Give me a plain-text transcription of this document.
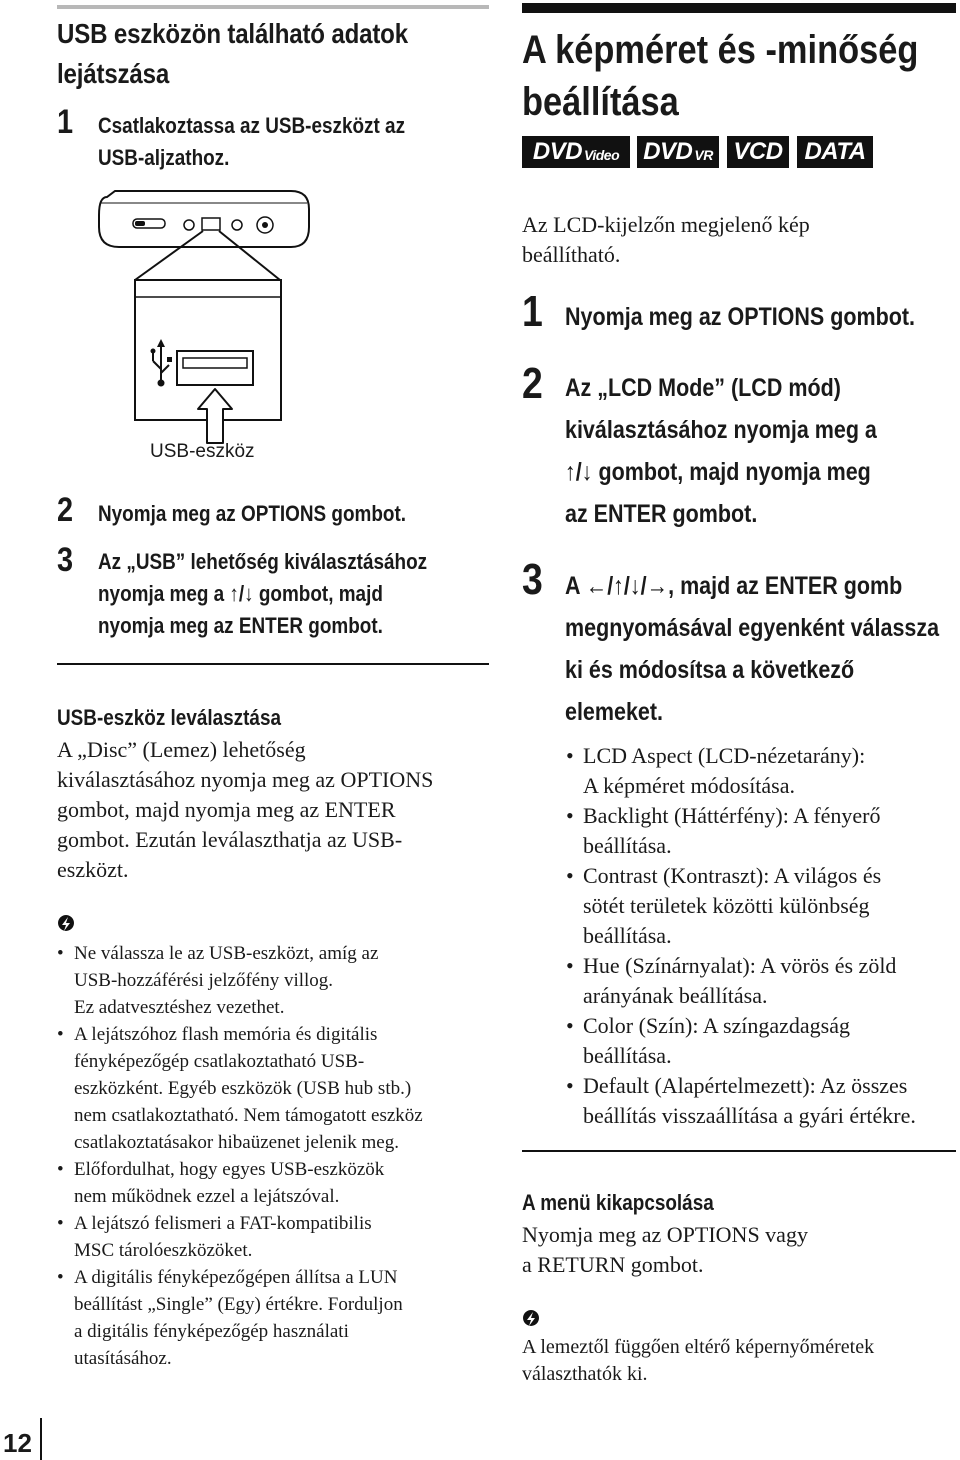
USB eszközön található adatok
lejátszása
1 Csatlakoztassa az USB-eszközt az
USB-aljzathoz.
USB-eszköz
2 Nyomja meg az OPTIONS gombot.
3 Az „USB” lehetőség kiválasztásához
nyomja meg a ↑/↓ gombot, majd
nyomja meg az ENTER gombot.
USB-eszköz leválasztása
A „Disc” (Lemez) lehetőség
kiválasztásához nyomja meg az OPTIONS
gombot, majd nyomja meg az ENTER
gombot. Ezután leválaszthatja az USB-
eszközt.
• Ne válassza le az USB-eszközt, amíg az
USB-hozzáférési jelzőfény villog.
Ez adatvesztéshez vezethet.
• A lejátszóhoz flash memória és digitális
fényképezőgép csatlakoztatható USB-
eszközként. Egyéb eszközök (USB hub stb.)
nem csatlakoztatható. Nem támogatott eszköz
csatlakoztatásakor hibaüzenet jelenik meg.
• Előfordulhat, hogy egyes USB-eszközök
nem működnek ezzel a lejátszóval.
• A lejátszó felismeri a FAT-kompatibilis
MSC tárolóeszközöket.
• A digitális fényképezőgépen állítsa a LUN
beállítást „Single” (Egy) értékre. Forduljon
a digitális fényképezőgép használati
utasításához.
A képméret és -minőség
beállítása
DVD Video DVD VR VCD DATA
Az LCD-kijelzőn megjelenő kép
beállítható.
1 Nyomja meg az OPTIONS gombot.
2 Az „LCD Mode” (LCD mód)
kiválasztásához nyomja meg a
↑/↓ gombot, majd nyomja meg
az ENTER gombot.
3 A ←/↑/↓/→, majd az ENTER gomb
megnyomásával egyenként válassza
ki és módosítsa a következő
elemeket.
• LCD Aspect (LCD-nézetarány):
A képméret módosítása.
• Backlight (Háttérfény): A fényerő
beállítása.
• Contrast (Kontraszt): A világos és
sötét területek közötti különbség
beállítása.
• Hue (Színárnyalat): A vörös és zöld
arányának beállítása.
• Color (Szín): A színgazdagság
beállítása.
• Default (Alapértelmezett): Az összes
beállítás visszaállítása a gyári értékre.
A menü kikapcsolása
Nyomja meg az OPTIONS vagy
a RETURN gombot.
A lemeztől függően eltérő képernyőméretek
választhatók ki.
12
